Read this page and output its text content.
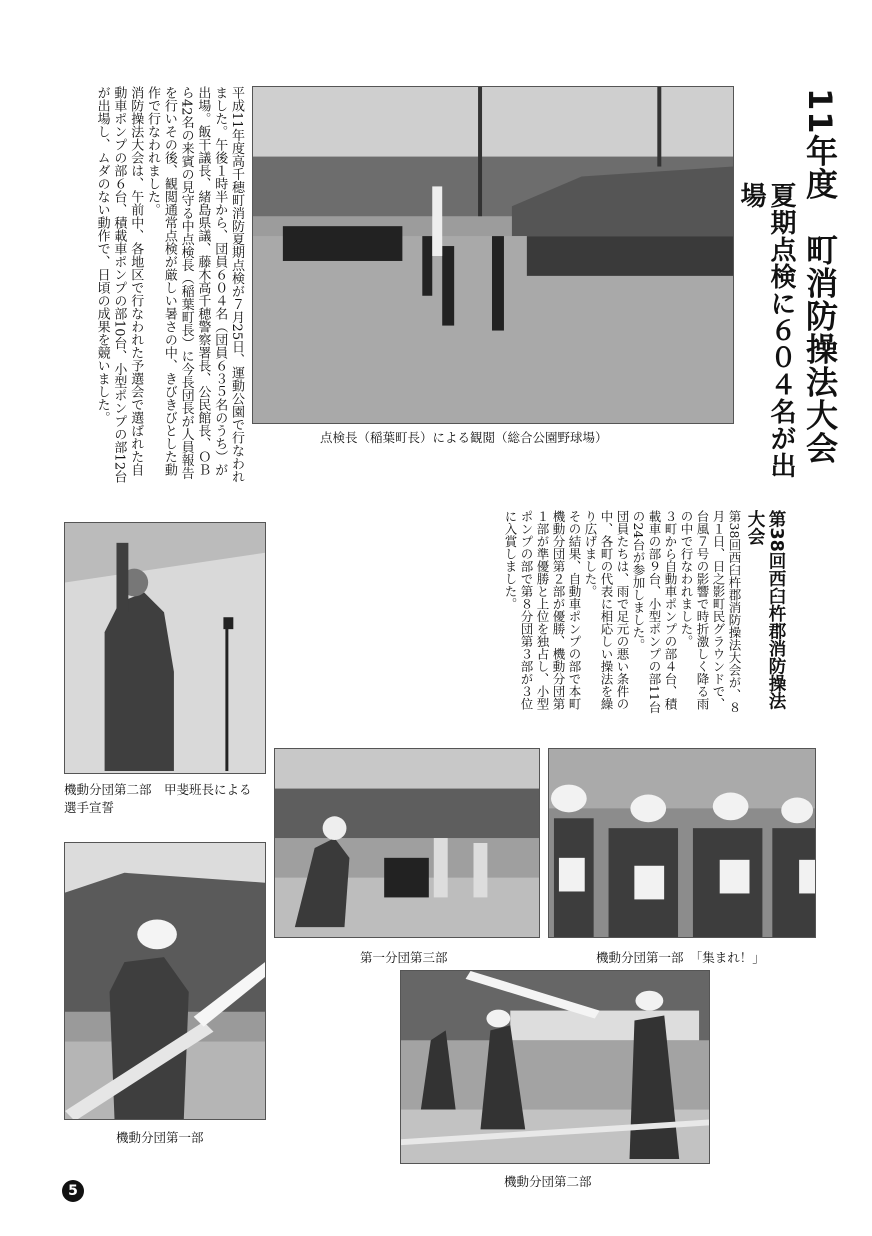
11年度　町消防操法大会
夏期点検に６０４名が出場

平成11年度高千穂町消防夏期点検が７月25日、運動公園で行なわれました。午後１時半から、団員６０４名（団員６３５名のうち）が出場。飯干議長、緒島県議、藤木高千穂警察署長、公民館長、ＯＢら42名の来賓の見守る中点検長（稲葉町長）に今長団長が人員報告を行いその後、観閲通常点検が厳しい暑さの中、きびきびとした動作で行なわれました。

消防操法大会は、午前中、各地区で行なわれた予選会で選ばれた自動車ポンプの部６台、積載車ポンプの部10台、小型ポンプの部12台が出場し、ムダのない動作で、日頃の成果を競いました。

点検長（稲葉町長）による観閲（総合公園野球場）
第38回西臼杵郡消防操法大会

第38回西臼杵郡消防操法大会が、８月１日、日之影町民グラウンドで、台風７号の影響で時折激しく降る雨の中で行なわれました。

３町から自動車ポンプの部４台、積載車の部９台、小型ポンプの部11台の24台が参加しました。

団員たちは、雨で足元の悪い条件の中、各町の代表に相応しい操法を繰り広げました。

その結果、自動車ポンプの部で本町機動分団第２部が優勝、機動分団第１部が準優勝と上位を独占し、小型ポンプの部で第８分団第３部が３位に入賞しました。

機動分団第二部　甲斐班長による
選手宣誓
第一分団第三部	機動分団第一部　「集まれ！」
機動分団第一部
機動分団第二部
5
